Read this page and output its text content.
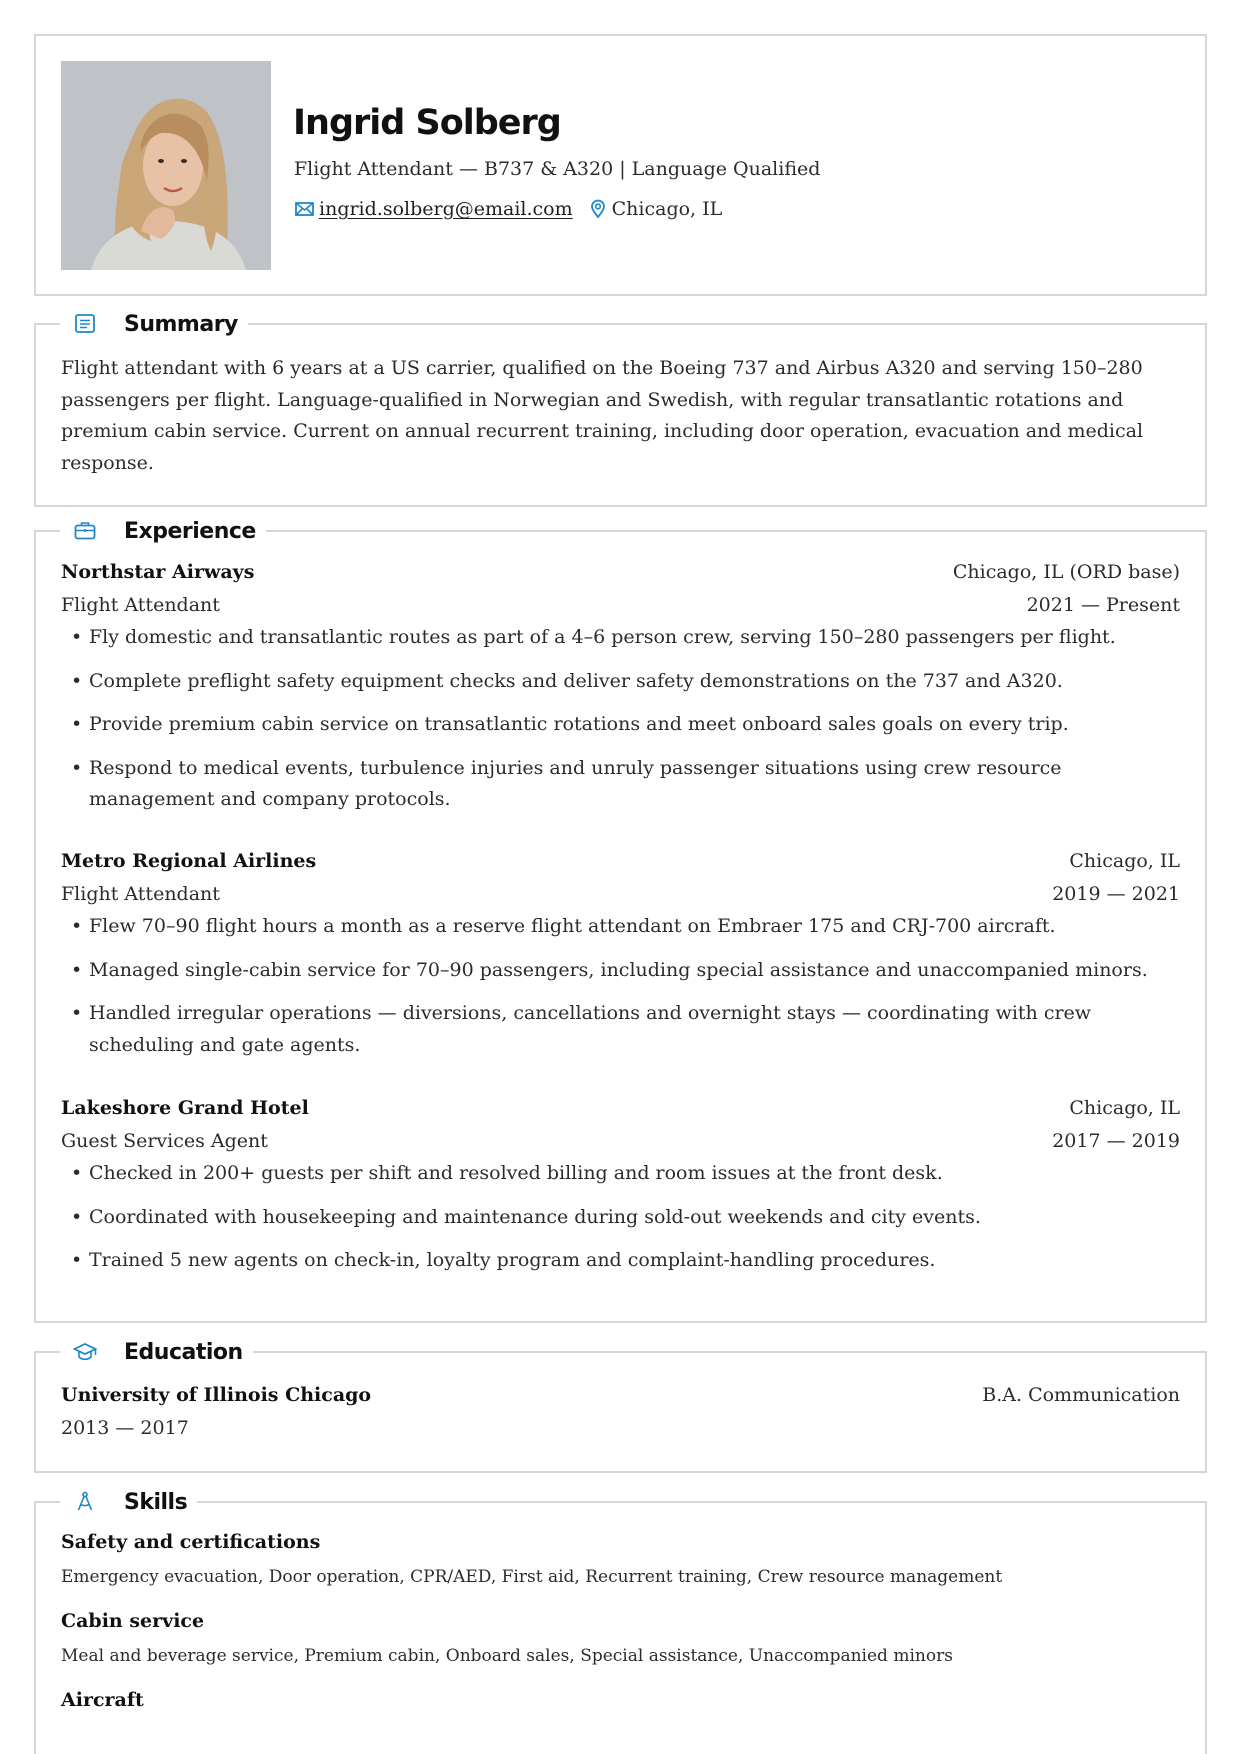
Ingrid Solberg
Flight Attendant — B737 & A320 | Language Qualified
ingrid.solberg@email.com Chicago, IL
Summary

Flight attendant with 6 years at a US carrier, qualified on the Boeing 737 and Airbus A320 and serving 150–280 passengers per flight. Language-qualified in Norwegian and Swedish, with regular transatlantic rotations and premium cabin service. Current on annual recurrent training, including door operation, evacuation and medical response.

Experience
Northstar Airways	Chicago, IL (ORD base)
Flight Attendant	2021 — Present
• Fly domestic and transatlantic routes as part of a 4–6 person crew, serving 150–280 passengers per flight.
• Complete preflight safety equipment checks and deliver safety demonstrations on the 737 and A320.
• Provide premium cabin service on transatlantic rotations and meet onboard sales goals on every trip.
• Respond to medical events, turbulence injuries and unruly passenger situations using crew resource management and company protocols.
Metro Regional Airlines	Chicago, IL
Flight Attendant	2019 — 2021
• Flew 70–90 flight hours a month as a reserve flight attendant on Embraer 175 and CRJ-700 aircraft.
• Managed single-cabin service for 70–90 passengers, including special assistance and unaccompanied minors.
• Handled irregular operations — diversions, cancellations and overnight stays — coordinating with crew scheduling and gate agents.
Lakeshore Grand Hotel	Chicago, IL
Guest Services Agent	2017 — 2019
• Checked in 200+ guests per shift and resolved billing and room issues at the front desk.
• Coordinated with housekeeping and maintenance during sold-out weekends and city events.
• Trained 5 new agents on check-in, loyalty program and complaint-handling procedures.
Education
University of Illinois Chicago	B.A. Communication
2013 — 2017
Skills
Safety and certifications
Emergency evacuation, Door operation, CPR/AED, First aid, Recurrent training, Crew resource management
Cabin service
Meal and beverage service, Premium cabin, Onboard sales, Special assistance, Unaccompanied minors
Aircraft
